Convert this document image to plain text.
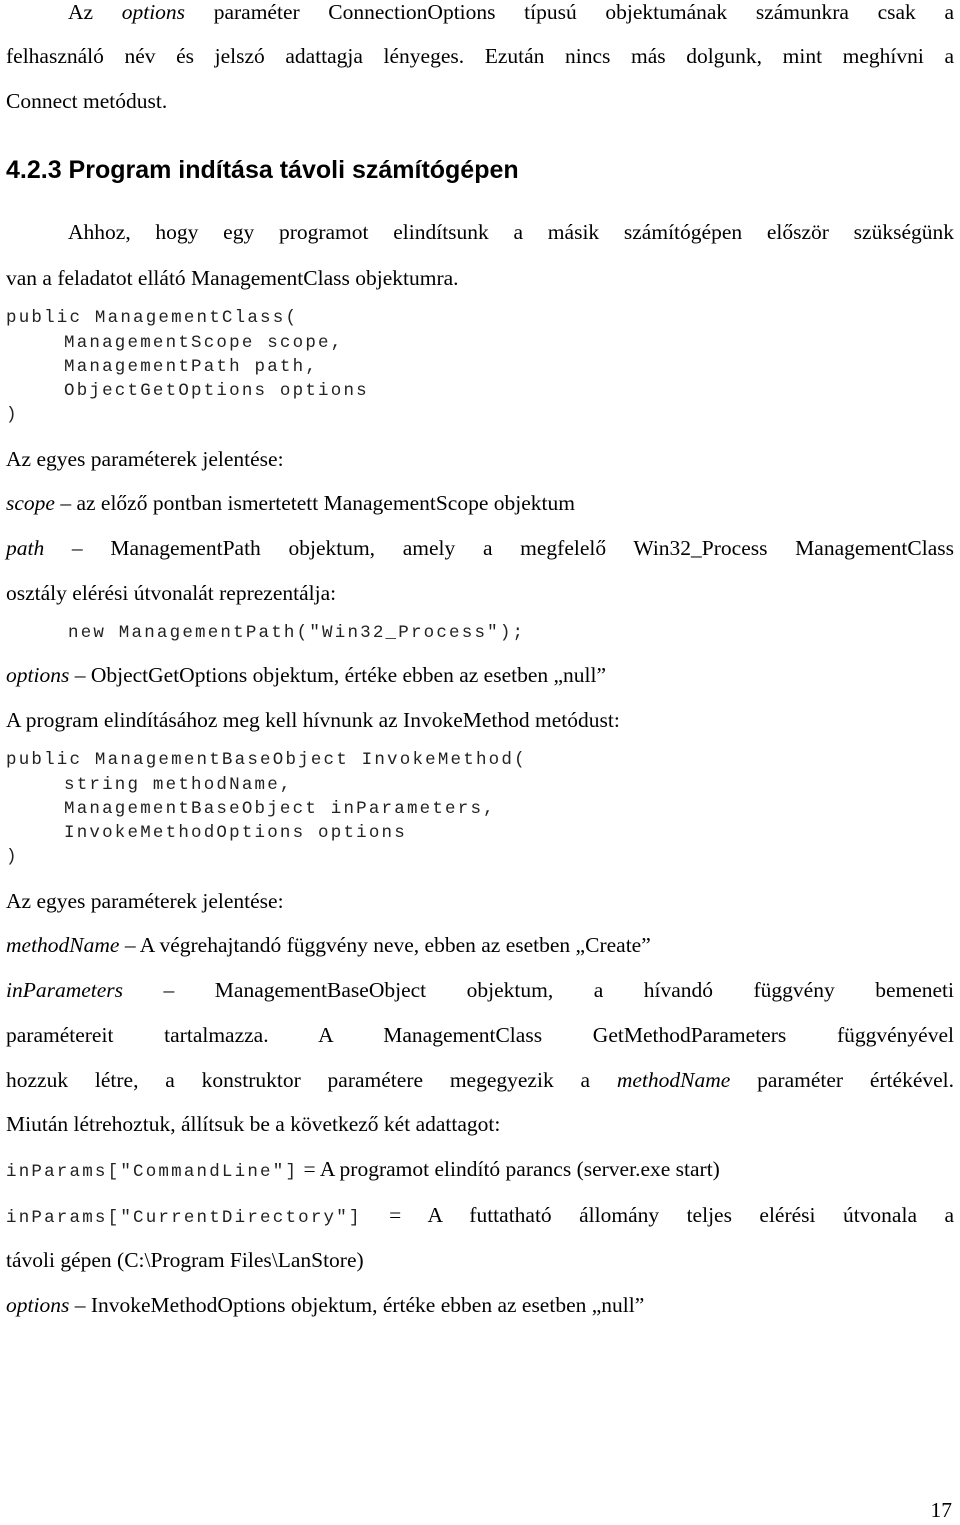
Az options paraméter ConnectionOptions típusú objektumának számunkra csak a
felhasználó név és jelszó adattagja lényeges. Ezután nincs más dolgunk, mint meghívni a
Connect metódust.
4.2.3 Program indítása távoli számítógépen
Ahhoz, hogy egy programot elindítsunk a másik számítógépen először szükségünk
van a feladatot ellátó ManagementClass objektumra.
public ManagementClass(
ManagementScope scope,
ManagementPath path,
ObjectGetOptions options
)
Az egyes paraméterek jelentése:
scope – az előző pontban ismertetett ManagementScope objektum
path – ManagementPath objektum, amely a megfelelő Win32_Process ManagementClass
osztály elérési útvonalát reprezentálja:
new ManagementPath("Win32_Process");
options – ObjectGetOptions objektum, értéke ebben az esetben „null”
A program elindításához meg kell hívnunk az InvokeMethod metódust:
public ManagementBaseObject InvokeMethod(
string methodName,
ManagementBaseObject inParameters,
InvokeMethodOptions options
)
Az egyes paraméterek jelentése:
methodName – A végrehajtandó függvény neve, ebben az esetben „Create”
inParameters – ManagementBaseObject objektum, a hívandó függvény bemeneti
paramétereit tartalmazza. A ManagementClass GetMethodParameters függvényével
hozzuk létre, a konstruktor paramétere megegyezik a methodName paraméter értékével.
Miután létrehoztuk, állítsuk be a következő két adattagot:
inParams["CommandLine"] = A programot elindító parancs (server.exe start)
inParams["CurrentDirectory"] = A futtatható állomány teljes elérési útvonala a
távoli gépen (C:\Program Files\LanStore)
options – InvokeMethodOptions objektum, értéke ebben az esetben „null”
17
